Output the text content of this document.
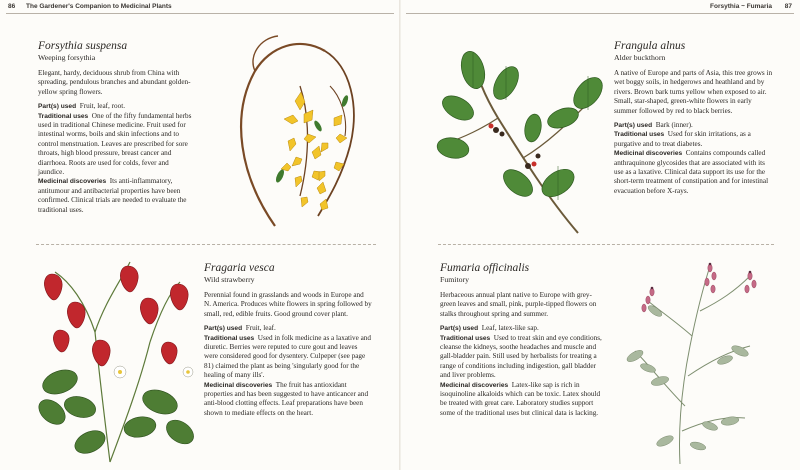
86 The Gardener's Companion to Medicinal Plants	Forsythia ~ Fumaria 87
Forsythia suspensa
Weeping forsythia

Elegant, hardy, deciduous shrub from China with spreading, pendulous branches and abundant golden-yellow spring flowers.

Part(s) used Fruit, leaf, root.

Traditional uses One of the fifty fundamental herbs used in traditional Chinese medicine. Fruit used for intestinal worms, boils and skin infections and to control menstruation. Leaves are prescribed for sore throats, high blood pressure, breast cancer and diarrhoea. Roots are used for colds, fever and jaundice.

Medicinal discoveries Its anti-inflammatory, antitumour and antibacterial properties have been confirmed. Clinical trials are needed to evaluate the traditional uses.

Frangula alnus
Alder buckthorn

A native of Europe and parts of Asia, this tree grows in wet boggy soils, in hedgerows and heathland and by rivers. Brown bark turns yellow when exposed to air. Small, star-shaped, green-white flowers in early summer followed by red to black berries.

Part(s) used Bark (inner).

Traditional uses Used for skin irritations, as a purgative and to treat diabetes.

Medicinal discoveries Contains compounds called anthraquinone glycosides that are associated with its use as a laxative. Clinical data support its use for the short-term treatment of constipation and for intestinal evacuation before X-rays.

Fragaria vesca
Wild strawberry

Perennial found in grasslands and woods in Europe and N. America. Produces white flowers in spring followed by small, red, edible fruits. Good ground cover plant.

Part(s) used Fruit, leaf.

Traditional uses Used in folk medicine as a laxative and diuretic. Berries were reputed to cure gout and leaves were considered good for dysentery. Culpeper (see page 81) claimed the plant as being 'singularly good for the healing of many ills'.

Medicinal discoveries The fruit has antioxidant properties and has been suggested to have anticancer and anti-blood clotting effects. Leaf preparations have been shown to mediate effects on the heart.

Fumaria officinalis
Fumitory

Herbaceous annual plant native to Europe with grey-green leaves and small, pink, purple-tipped flowers on stalks throughout spring and summer.

Part(s) used Leaf, latex-like sap.

Traditional uses Used to treat skin and eye conditions, cleanse the kidneys, soothe headaches and muscle and gall-bladder pain. Still used by herbalists for treating a range of conditions including indigestion, gall bladder and liver problems.

Medicinal discoveries Latex-like sap is rich in isoquinoline alkaloids which can be toxic. Latex should be treated with great care. Laboratory studies support some of the traditional uses but clinical data is lacking.
